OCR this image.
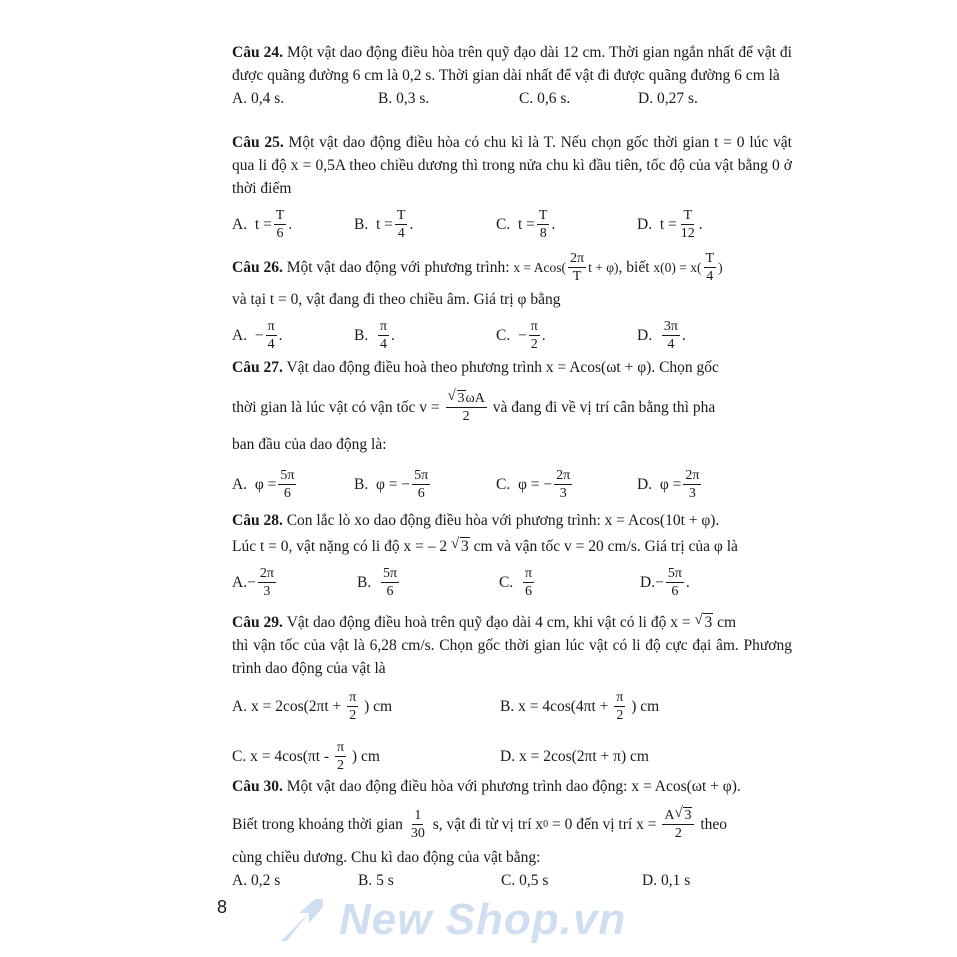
Câu 24. Một vật dao động điều hòa trên quỹ đạo dài 12 cm. Thời gian ngắn nhất để vật đi được quãng đường 6 cm là 0,2 s. Thời gian dài nhất để vật đi được quãng đường 6 cm là

A. 0,4 s.	B. 0,3 s.	C. 0,6 s.	D. 0,27 s.

Câu 25. Một vật dao động điều hòa có chu kì là T. Nếu chọn gốc thời gian t = 0 lúc vật qua li độ x = 0,5A theo chiều dương thì trong nửa chu kì đầu tiên, tốc độ của vật bằng 0 ở thời điểm

A.
$t = \frac{T}{6}$ .	B.
$t = \frac{T}{4}$ .	C.
$t = \frac{T}{8}$ .	D.
$t = \frac{T}{12}$ .
Câu 26.
Một vật dao động với phương trình:
$x = Acos( \frac{2\pi}{T}$ t + φ) , biết
$x(0) = x( \frac{T}{4}$ )

và tại t = 0, vật đang đi theo chiều âm. Giá trị φ bằng

A.
− $\frac{\pi}{4}$ .	B.
$\frac{\pi}{4}$ .	C.
− $\frac{\pi}{2}$ .	D.
$\frac{3\pi}{4}$ .

Câu 27. Vật dao động điều hoà theo phương trình x = Acos(ωt + φ). Chọn gốc

thời gian là lúc vật có vận tốc v =
√ $\frac{3\omega A}{2}$
và đang đi về vị trí cân bằng thì pha

ban đầu của dao động là:

A.
$\varphi = \frac{5\pi}{6}$	B.
φ = − $\frac{5\pi}{6}$	C.
φ = − $\frac{2\pi}{3}$	D.
$\varphi = \frac{2\pi}{3}$

Câu 28. Con lắc lò xo dao động điều hòa với phương trình: x = Acos(10t + φ).

Lúc t = 0, vật nặng có li độ x = – 2
√ 3
cm và vận tốc v = 20 cm/s. Giá trị của φ là
A. − $\frac{2\pi}{3}$	B.
$\frac{5\pi}{6}$	C.
$\frac{\pi}{6}$	D. − $\frac{5\pi}{6}$ .
Câu 29.
Vật dao động điều hoà trên quỹ đạo dài 4 cm, khi vật có li độ x =
√ 3
cm

thì vận tốc của vật là 6,28 cm/s. Chọn gốc thời gian lúc vật có li độ cực đại âm. Phương trình dao động của vật là

A.
x = 2cos(2πt +
$\frac{\pi}{2}$
) cm	B.
x = 4cos(4πt +
$\frac{\pi}{2}$
) cm
C.
x = 4cos(πt -
$\frac{\pi}{2}$
) cm	D.
x = 2cos(2πt + π) cm

Câu 30. Một vật dao động điều hòa với phương trình dao động: x = Acos(ωt + φ).

Biết trong khoảng thời gian
$\frac{1}{30}$
s, vật đi từ vị trí x 0
= 0 đến vị trí x =
$\frac{A √ 3}{2}$
theo

cùng chiều dương. Chu kì dao động của vật bằng:

A. 0,2 s	B. 5 s	C. 0,5 s	D. 0,1 s
8	New Shop.vn
